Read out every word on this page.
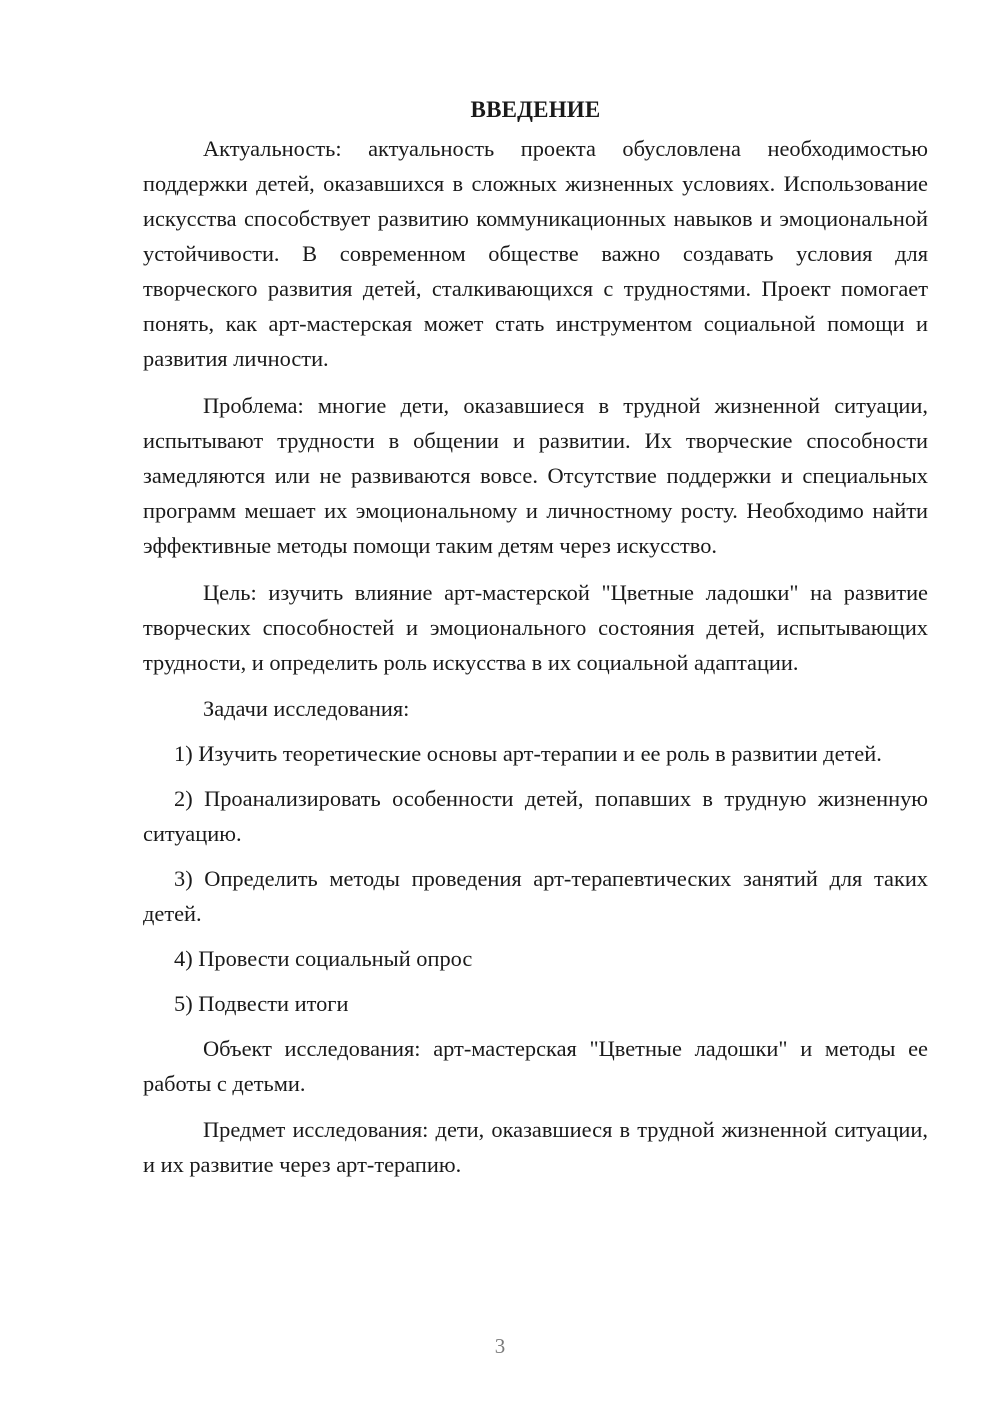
ВВЕДЕНИЕ

Актуальность: актуальность проекта обусловлена необходимостью поддержки детей, оказавшихся в сложных жизненных условиях. Использование искусства способствует развитию коммуникационных навыков и эмоциональной устойчивости. В современном обществе важно создавать условия для творческого развития детей, сталкивающихся с трудностями. Проект помогает понять, как арт-мастерская может стать инструментом социальной помощи и развития личности.

Проблема: многие дети, оказавшиеся в трудной жизненной ситуации, испытывают трудности в общении и развитии. Их творческие способности замедляются или не развиваются вовсе. Отсутствие поддержки и специальных программ мешает их эмоциональному и личностному росту. Необходимо найти эффективные методы помощи таким детям через искусство.

Цель: изучить влияние арт-мастерской "Цветные ладошки" на развитие творческих способностей и эмоционального состояния детей, испытывающих трудности, и определить роль искусства в их социальной адаптации.

Задачи исследования:

1) Изучить теоретические основы арт-терапии и ее роль в развитии детей.

2) Проанализировать особенности детей, попавших в трудную жизненную ситуацию.

3) Определить методы проведения арт-терапевтических занятий для таких детей.

4) Провести социальный опрос

5) Подвести итоги

Объект исследования: арт-мастерская "Цветные ладошки" и методы ее работы с детьми.

Предмет исследования: дети, оказавшиеся в трудной жизненной ситуации, и их развитие через арт-терапию.

3
